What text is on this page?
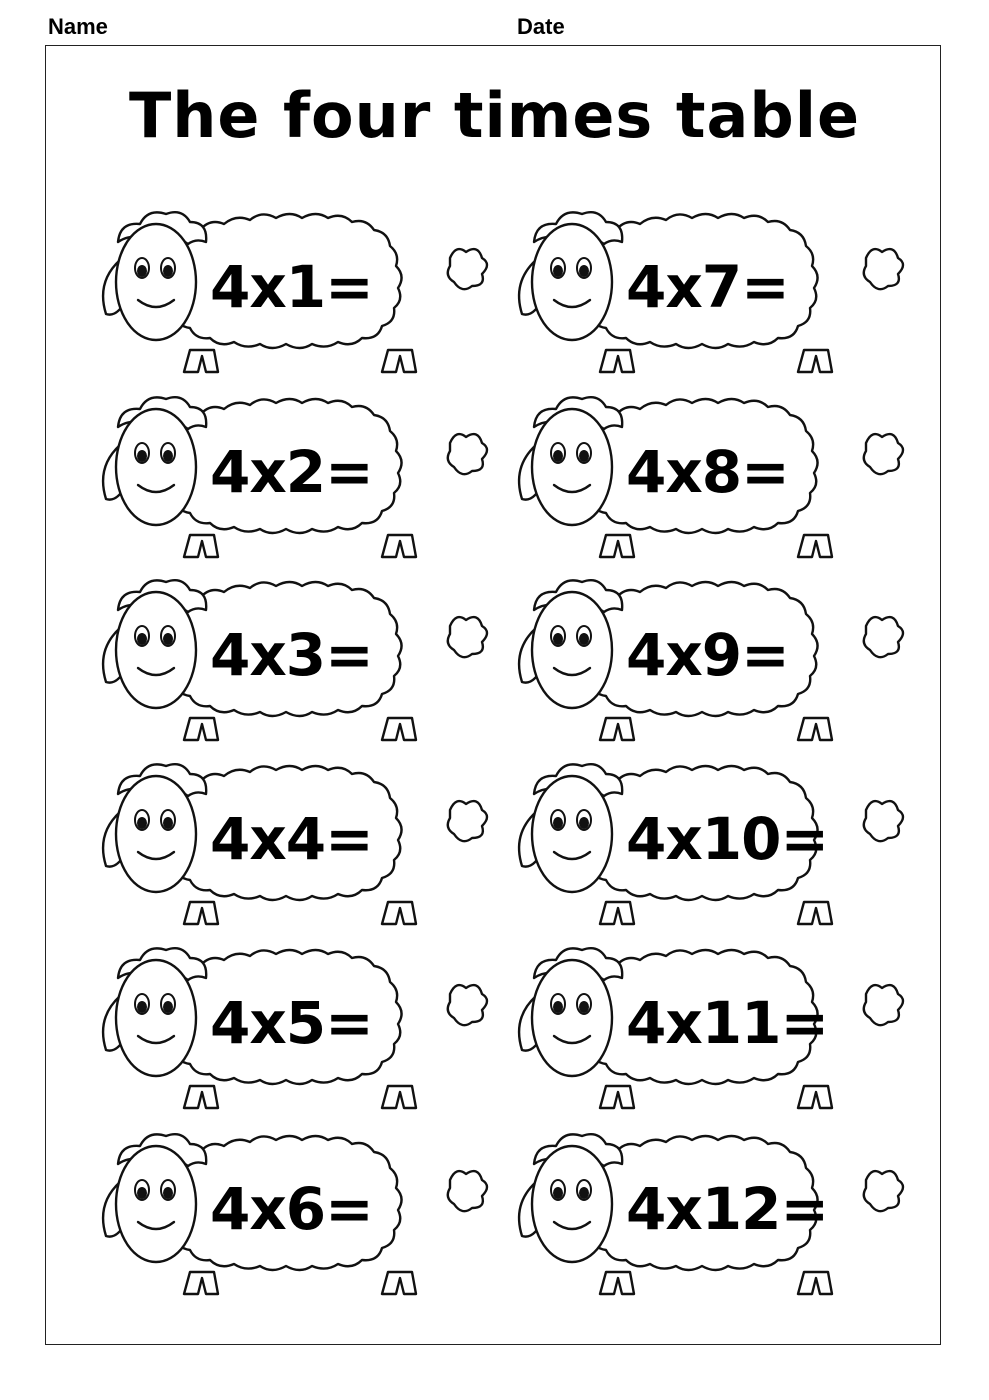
Name	Date
The four times table
4x1=
4x2=
4x3=
4x4=
4x5=
4x6=
4x7=
4x8=
4x9=
4x10=
4x11=
4x12=
